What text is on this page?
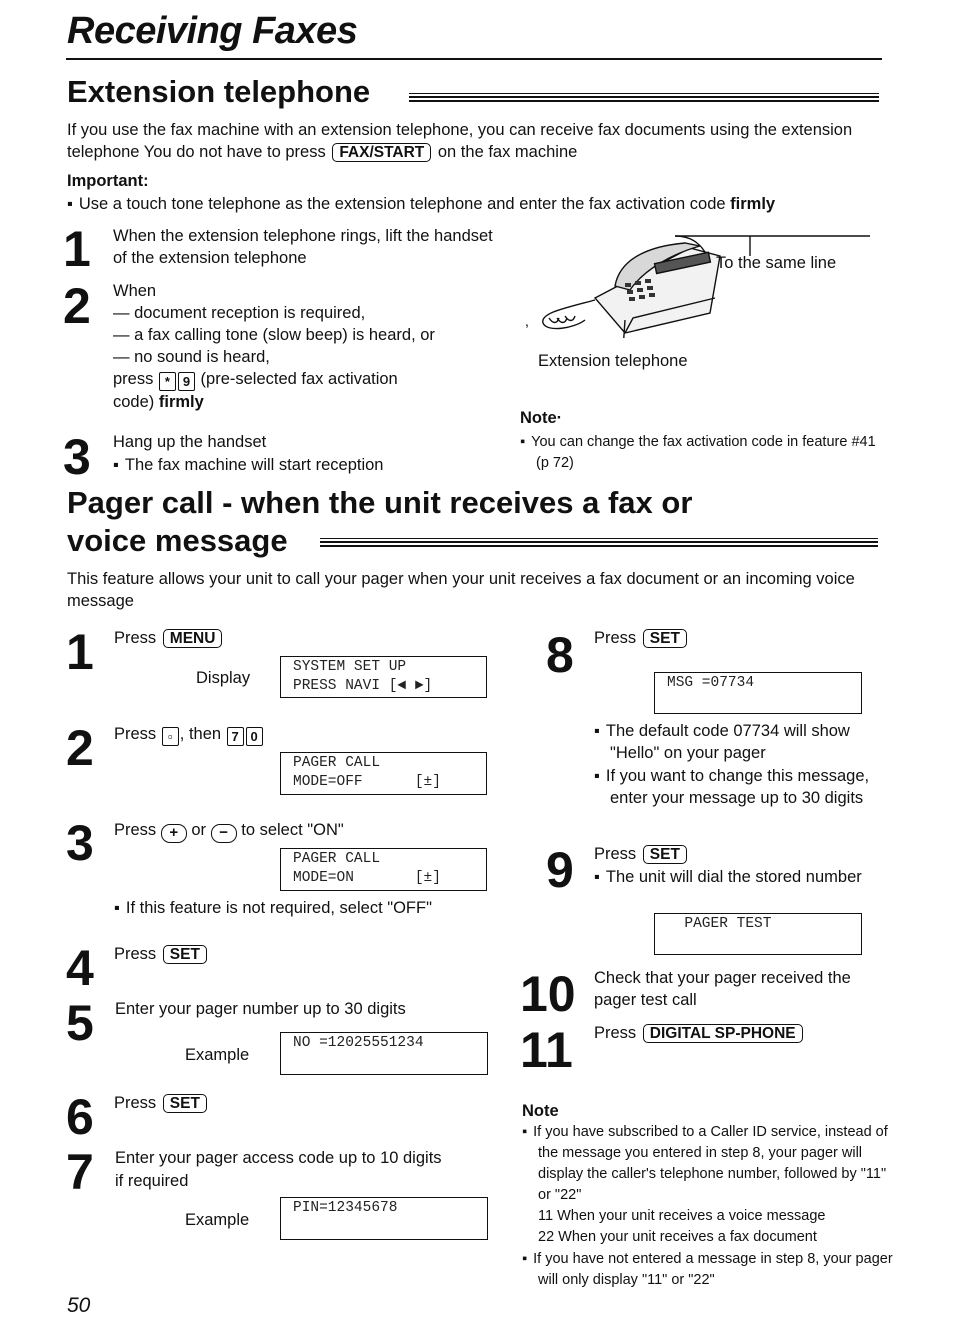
Receiving Faxes
Extension telephone

If you use the fax machine with an extension telephone, you can receive fax documents using the extension telephone You do not have to press FAX/START on the fax machine

Important:

▪ Use a touch tone telephone as the extension telephone and enter the fax activation code firmly

1 When the extension telephone rings, lift the handset of the extension telephone

2 When

— document reception is required,

— a fax calling tone (slow beep) is heard, or

— no sound is heard,

press * 9 (pre-selected fax activation

code) firmly

3 Hang up the handset

▪ The fax machine will start reception

,

To the same line

Extension telephone

Note·

▪ You can change the fax activation code in feature #41 (p 72)

Pager call - when the unit receives a fax or
voice message

This feature allows your unit to call your pager when your unit receives a fax document or an incoming voice message

1 Press MENU

Display

SYSTEM SET UP
PRESS NAVI [◄ ►]
2 Press ▫ , then 7 0

PAGER CALL
MODE=OFF      [±]
3 Press + or − to select "ON"

PAGER CALL
MODE=ON       [±]

▪ If this feature is not required, select "OFF"

4 Press SET

5 Enter your pager number up to 30 digits

Example

NO =12025551234
6 Press SET

7 Enter your pager access code up to 10 digits

if required

Example

PIN=12345678
8 Press SET

MSG =07734

▪ The default code 07734 will show "Hello" on your pager

▪ If you want to change this message, enter your message up to 30 digits

9 Press SET

▪ The unit will dial the stored number

PAGER TEST
10 Check that your pager received the pager test call

11 Press DIGITAL SP-PHONE

Note

▪ If you have subscribed to a Caller ID service, instead of the message you entered in step 8, your pager will display the caller's telephone number, followed by "11" or "22"

11 When your unit receives a voice message

22 When your unit receives a fax document

▪ If you have not entered a message in step 8, your pager will only display "11" or "22"

50
